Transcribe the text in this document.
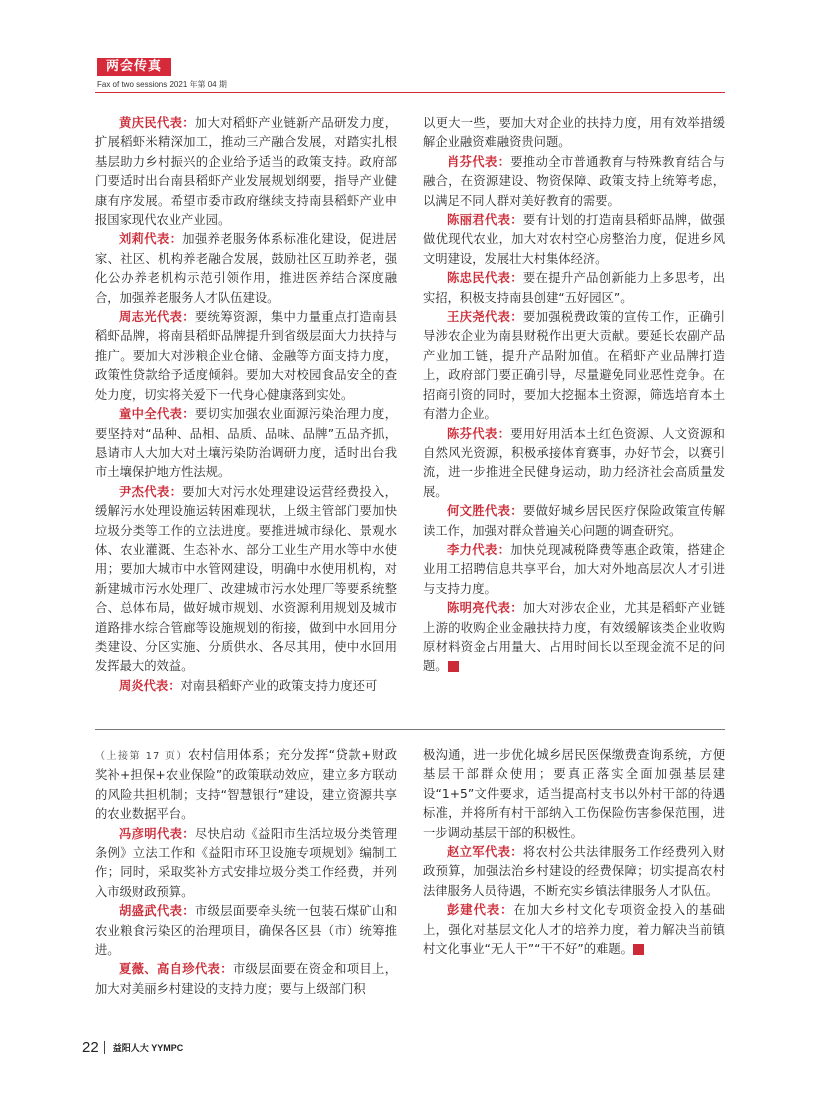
两会传真
Fax of two sessions 2021 年第 04 期

黄庆民代表：加大对稻虾产业链新产品研发力度，扩展稻虾米精深加工，推动三产融合发展，对踏实扎根基层助力乡村振兴的企业给予适当的政策支持。政府部门要适时出台南县稻虾产业发展规划纲要，指导产业健康有序发展。希望市委市政府继续支持南县稻虾产业申报国家现代农业产业园。

刘莉代表：加强养老服务体系标准化建设，促进居家、社区、机构养老融合发展，鼓励社区互助养老，强化公办养老机构示范引领作用，推进医养结合深度融合，加强养老服务人才队伍建设。

周志光代表：要统筹资源，集中力量重点打造南县稻虾品牌，将南县稻虾品牌提升到省级层面大力扶持与推广。要加大对涉粮企业仓储、金融等方面支持力度，政策性贷款给予适度倾斜。要加大对校园食品安全的查处力度，切实将关爱下一代身心健康落到实处。

童中全代表：要切实加强农业面源污染治理力度，要坚持对“品种、品相、品质、品味、品牌”五品齐抓，恳请市人大加大对土壤污染防治调研力度，适时出台我市土壤保护地方性法规。

尹杰代表：要加大对污水处理建设运营经费投入，缓解污水处理设施运转困难现状，上级主管部门要加快垃圾分类等工作的立法进度。要推进城市绿化、景观水体、农业灌溉、生态补水、部分工业生产用水等中水使用；要加大城市中水管网建设，明确中水使用机构，对新建城市污水处理厂、改建城市污水处理厂等要系统整合、总体布局，做好城市规划、水资源利用规划及城市道路排水综合管廊等设施规划的衔接，做到中水回用分类建设、分区实施、分质供水、各尽其用，使中水回用发挥最大的效益。

周炎代表：对南县稻虾产业的政策支持力度还可

以更大一些，要加大对企业的扶持力度，用有效举措缓解企业融资难融资贵问题。

肖芬代表：要推动全市普通教育与特殊教育结合与融合，在资源建设、物资保障、政策支持上统筹考虑，以满足不同人群对美好教育的需要。

陈丽君代表：要有计划的打造南县稻虾品牌，做强做优现代农业，加大对农村空心房整治力度，促进乡风文明建设，发展壮大村集体经济。

陈忠民代表：要在提升产品创新能力上多思考，出实招，积极支持南县创建“五好园区”。

王庆尧代表：要加强税费政策的宣传工作，正确引导涉农企业为南县财税作出更大贡献。要延长农副产品产业加工链，提升产品附加值。在稻虾产业品牌打造上，政府部门要正确引导，尽量避免同业恶性竞争。在招商引资的同时，要加大挖掘本土资源，筛选培育本土有潜力企业。

陈芬代表：要用好用活本土红色资源、人文资源和自然风光资源，积极承接体育赛事，办好节会，以赛引流，进一步推进全民健身运动，助力经济社会高质量发展。

何文胜代表：要做好城乡居民医疗保险政策宣传解读工作，加强对群众普遍关心问题的调查研究。

李力代表：加快兑现减税降费等惠企政策，搭建企业用工招聘信息共享平台，加大对外地高层次人才引进与支持力度。

陈明亮代表：加大对涉农企业，尤其是稻虾产业链上游的收购企业金融扶持力度，有效缓解该类企业收购原材料资金占用量大、占用时间长以至现金流不足的问题。	人

（上接第 17 页）农村信用体系；充分发挥“贷款+财政奖补+担保+农业保险”的政策联动效应，建立多方联动的风险共担机制；支持“智慧银行”建设，建立资源共享的农业数据平台。

冯彦明代表：尽快启动《益阳市生活垃圾分类管理条例》立法工作和《益阳市环卫设施专项规划》编制工作；同时，采取奖补方式安排垃圾分类工作经费，并列入市级财政预算。

胡盛武代表：市级层面要牵头统一包装石煤矿山和农业粮食污染区的治理项目，确保各区县（市）统筹推进。

夏薇、高自珍代表：市级层面要在资金和项目上，加大对美丽乡村建设的支持力度；要与上级部门积

极沟通，进一步优化城乡居民医保缴费查询系统，方便基层干部群众使用；要真正落实全面加强基层建设“1+5”文件要求，适当提高村支书以外村干部的待遇标准，并将所有村干部纳入工伤保险伤害参保范围，进一步调动基层干部的积极性。

赵立军代表：将农村公共法律服务工作经费列入财政预算，加强法治乡村建设的经费保障；切实提高农村法律服务人员待遇，不断充实乡镇法律服务人才队伍。

彭建代表：在加大乡村文化专项资金投入的基础上，强化对基层文化人才的培养力度，着力解决当前镇村文化事业“无人干”“干不好”的难题。	人

22 益阳人大 YYMPC
